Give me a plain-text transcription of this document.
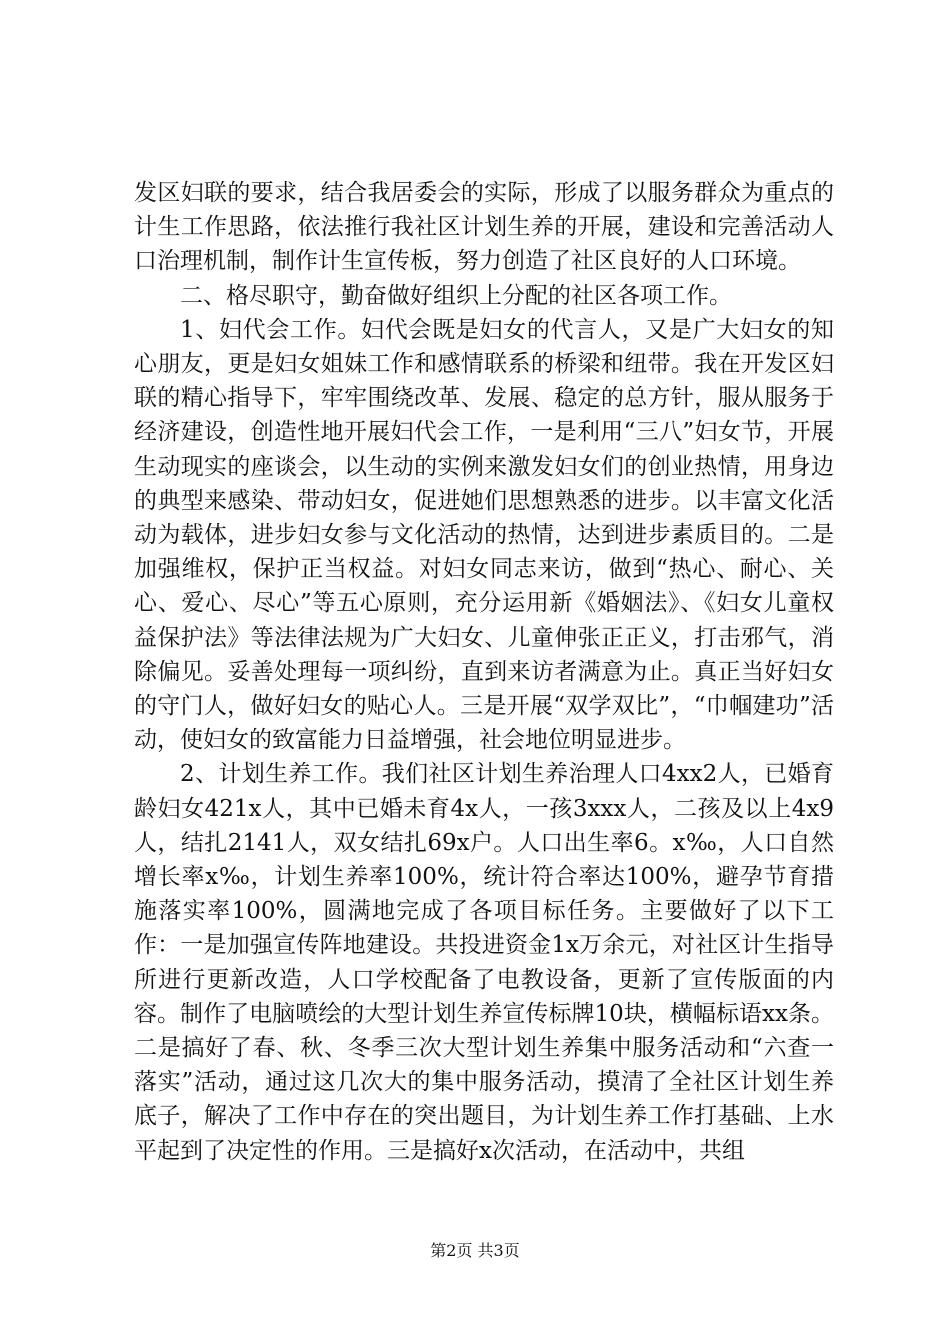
发区妇联的要求，结合我居委会的实际，形成了以服务群众为重点的计生工作思路，依法推行我社区计划生养的开展，建设和完善活动人口治理机制，制作计生宣传板，努力创造了社区良好的人口环境。

二、格尽职守，勤奋做好组织上分配的社区各项工作。

1、妇代会工作。妇代会既是妇女的代言人，又是广大妇女的知心朋友，更是妇女姐妹工作和感情联系的桥梁和纽带。我在开发区妇联的精心指导下，牢牢围绕改革、发展、稳定的总方针，服从服务于经济建设，创造性地开展妇代会工作，一是利用“三八”妇女节，开展生动现实的座谈会，以生动的实例来激发妇女们的创业热情，用身边的典型来感染、带动妇女，促进她们思想熟悉的进步。以丰富文化活动为载体，进步妇女参与文化活动的热情，达到进步素质目的。二是加强维权，保护正当权益。对妇女同志来访，做到“热心、耐心、关心、爱心、尽心”等五心原则，充分运用新《婚姻法》、《妇女儿童权益保护法》等法律法规为广大妇女、儿童伸张正正义，打击邪气，消除偏见。妥善处理每一项纠纷，直到来访者满意为止。真正当好妇女的守门人，做好妇女的贴心人。三是开展“双学双比”，“巾帼建功”活动，使妇女的致富能力日益增强，社会地位明显进步。

2、计划生养工作。我们社区计划生养治理人口4xx2人，已婚育龄妇女421x人，其中已婚未育4x人，一孩3xxx人，二孩及以上4x9人，结扎2141人，双女结扎69x户。人口出生率6。x‰，人口自然增长率x‰，计划生养率100%，统计符合率达100%，避孕节育措施落实率100%，圆满地完成了各项目标任务。主要做好了以下工作：一是加强宣传阵地建设。共投进资金1x万余元，对社区计生指导所进行更新改造，人口学校配备了电教设备，更新了宣传版面的内容。制作了电脑喷绘的大型计划生养宣传标牌10块，横幅标语xx条。二是搞好了春、秋、冬季三次大型计划生养集中服务活动和“六查一落实”活动，通过这几次大的集中服务活动，摸清了全社区计划生养底子，解决了工作中存在的突出题目，为计划生养工作打基础、上水平起到了决定性的作用。三是搞好x次活动，在活动中，共组

第2页 共3页
